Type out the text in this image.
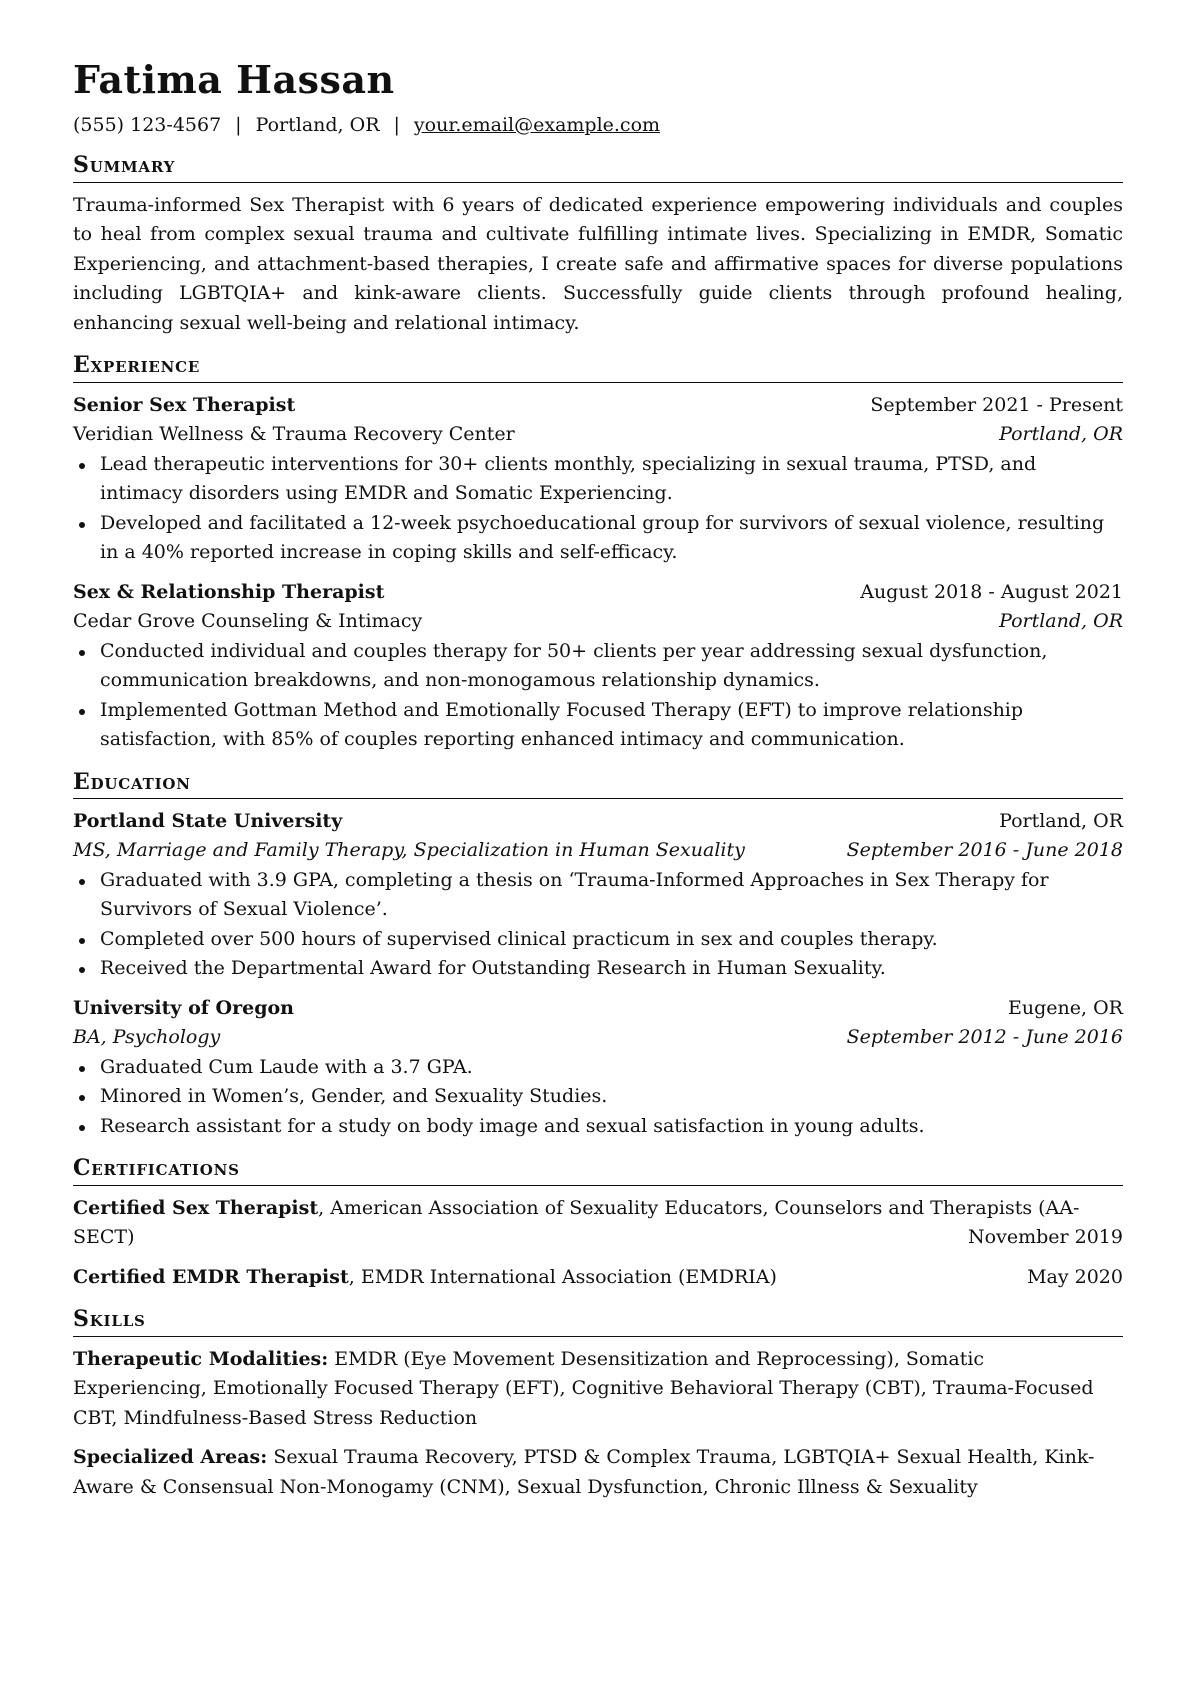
Fatima Hassan
(555) 123-4567 | Portland, OR | your.email@example.com
Summary

Trauma-informed Sex Therapist with 6 years of dedicated experience empowering individuals and couples to heal from complex sexual trauma and cultivate fulfilling intimate lives. Specializing in EMDR, Somatic Experiencing, and attachment-based therapies, I create safe and affirmative spaces for diverse populations including LGBTQIA+ and kink-aware clients. Successfully guide clients through profound healing, enhancing sexual well-being and relational intimacy.

Experience
Senior Sex Therapist	September 2021 - Present
Veridian Wellness & Trauma Recovery Center	Portland, OR
Lead therapeutic interventions for 30+ clients monthly, specializing in sexual trauma, PTSD, and intimacy disorders using EMDR and Somatic Experiencing.
Developed and facilitated a 12-week psychoeducational group for survivors of sexual violence, resulting in a 40% reported increase in coping skills and self-efficacy.
Sex & Relationship Therapist	August 2018 - August 2021
Cedar Grove Counseling & Intimacy	Portland, OR
Conducted individual and couples therapy for 50+ clients per year addressing sexual dysfunction, communication breakdowns, and non-monogamous relationship dynamics.
Implemented Gottman Method and Emotionally Focused Therapy (EFT) to improve relationship satisfaction, with 85% of couples reporting enhanced intimacy and communication.
Education
Portland State University	Portland, OR
MS, Marriage and Family Therapy, Specialization in Human Sexuality	September 2016 - June 2018
Graduated with 3.9 GPA, completing a thesis on ‘Trauma-Informed Approaches in Sex Therapy for Survivors of Sexual Violence’.
Completed over 500 hours of supervised clinical practicum in sex and couples therapy.
Received the Departmental Award for Outstanding Research in Human Sexuality.
University of Oregon	Eugene, OR
BA, Psychology	September 2012 - June 2016
Graduated Cum Laude with a 3.7 GPA.
Minored in Women’s, Gender, and Sexuality Studies.
Research assistant for a study on body image and sexual satisfaction in young adults.
Certifications
Certified Sex Therapist, American Association of Sexuality Educators, Counselors and Therapists (AA-
SECT)	November 2019
Certified EMDR Therapist, EMDR International Association (EMDRIA)	May 2020
Skills
Therapeutic Modalities: EMDR (Eye Movement Desensitization and Reprocessing), Somatic Experiencing, Emotionally Focused Therapy (EFT), Cognitive Behavioral Therapy (CBT), Trauma-Focused CBT, Mindfulness-Based Stress Reduction
Specialized Areas: Sexual Trauma Recovery, PTSD & Complex Trauma, LGBTQIA+ Sexual Health, Kink-Aware & Consensual Non-Monogamy (CNM), Sexual Dysfunction, Chronic Illness & Sexuality
